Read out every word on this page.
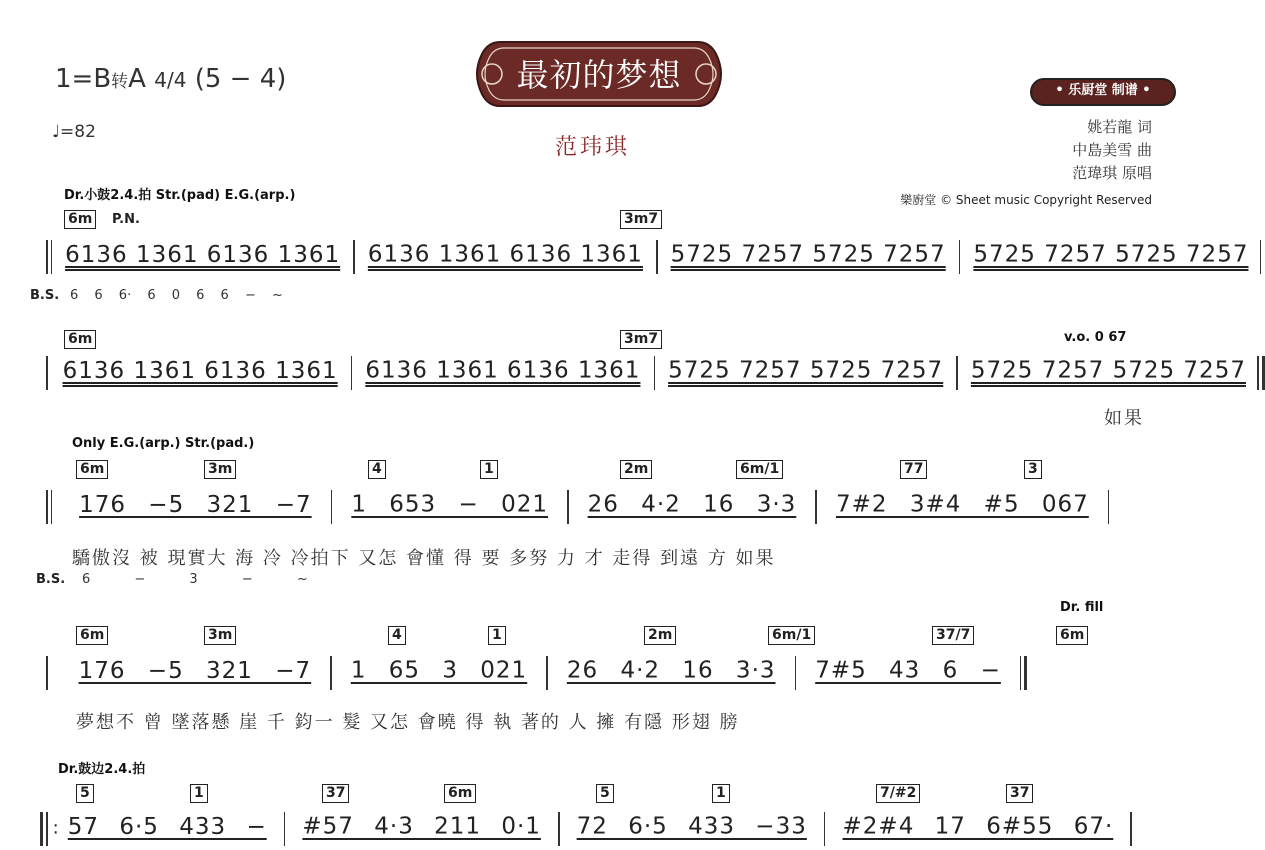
1=B转A 4/4 (5 − 4)
♩=82
最初的梦想
范玮琪
• 乐厨堂 制谱 •
姚若龍 词
中島美雪 曲
范瑋琪 原唱
樂廚堂 © Sheet music Copyright Reserved
Dr.小鼓2.4.拍 Str.(pad) E.G.(arp.)
6m	P.N.	3m7
6136 1361 6136 1361 6136 1361 6136 1361 5725 7257 5725 7257 5725 7257 5725 7257
B.S. 6 6 6· 6 0 6 6 − ~
6m	3m7	v.o. 0 67
6136 1361 6136 1361 6136 1361 6136 1361 5725 7257 5725 7257 5725 7257 5725 7257
如果
Only E.G.(arp.) Str.(pad.)
6m	3m	4	1	2m	6m/1	77	3
176 −5 321 −7 1 653 − 021 26 4·2 16 3·3 7#2 3#4 #5 067
驕傲沒 被 現實大 海 冷 冷拍下 又怎 會懂 得 要 多努 力 才 走得 到遠 方 如果
B.S. 6 − 3 − ~
Dr. fill
6m	3m	4	1	2m	6m/1	37/7	6m
176 −5 321 −7 1 65 3 021 26 4·2 16 3·3 7#5 43 6 −
夢想不 曾 墜落懸 崖 千 鈞一 髮 又怎 會曉 得 執 著的 人 擁 有隱 形翅 膀
Dr.鼓边2.4.拍
5	1	37	6m	5	1	7/#2	37
: 57 6·5 433 − #57 4·3 211 0·1 72 6·5 433 −33 #2#4 17 6#55 67·
